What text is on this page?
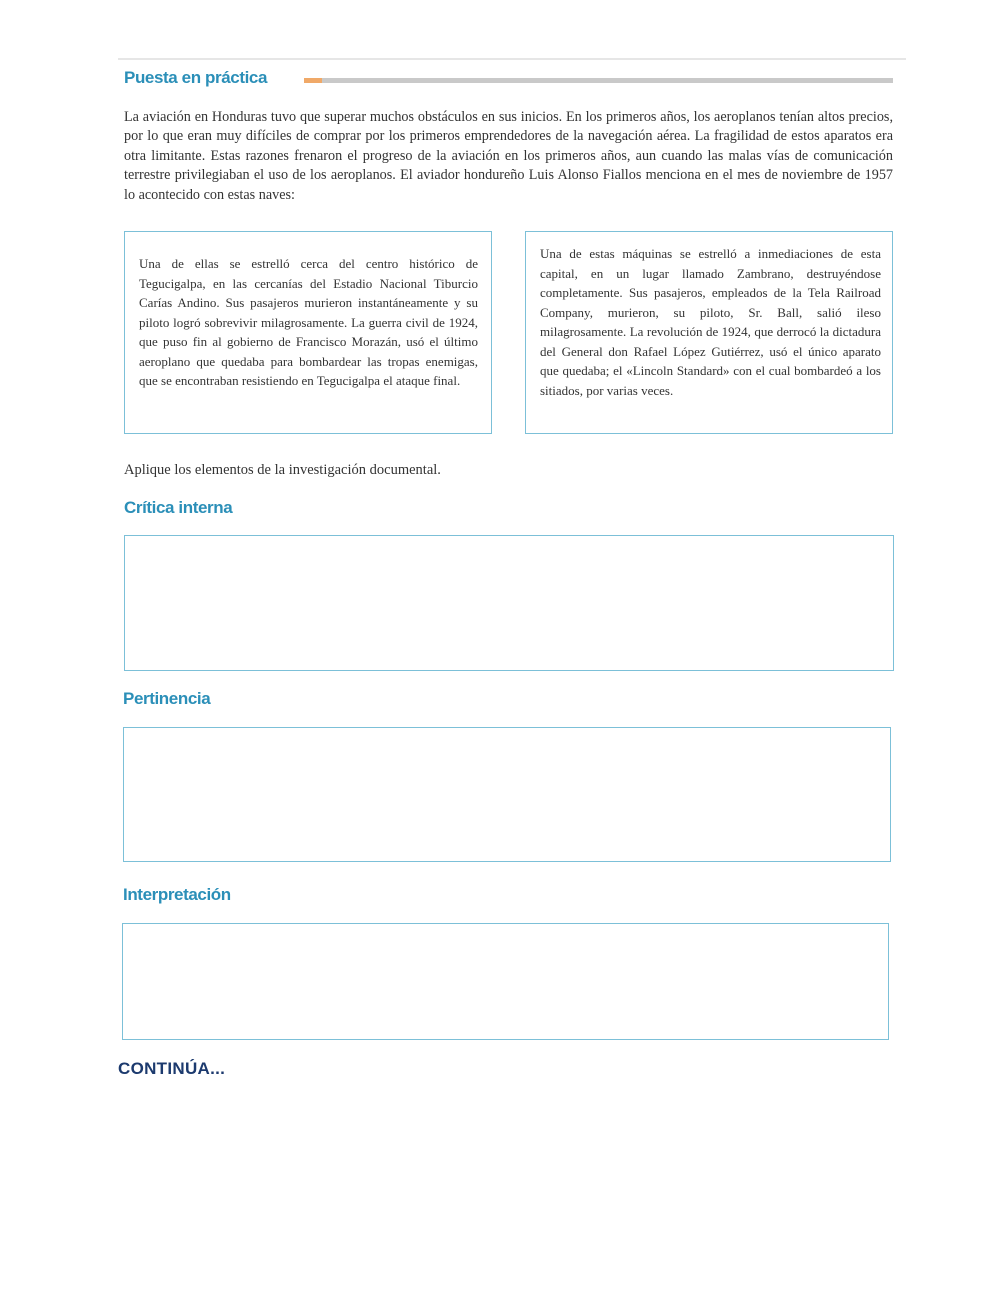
Puesta en práctica

La aviación en Honduras tuvo que superar muchos obstáculos en sus inicios. En los primeros años, los aeroplanos tenían altos precios, por lo que eran muy difíciles de comprar por los primeros emprendedores de la navegación aérea. La fragilidad de estos aparatos era otra limitante. Estas razones frenaron el progreso de la aviación en los primeros años, aun cuando las malas vías de comunicación terrestre privilegiaban el uso de los aeroplanos. El aviador hondureño Luis Alonso Fiallos menciona en el mes de noviembre de 1957 lo acontecido con estas naves:

Una de ellas se estrelló cerca del centro histórico de Tegucigalpa, en las cercanías del Estadio Nacional Tiburcio Carías Andino. Sus pasajeros murieron instantáneamente y su piloto logró sobrevivir milagrosamente. La guerra civil de 1924, que puso fin al gobierno de Francisco Morazán, usó el último aeroplano que quedaba para bombardear las tropas enemigas, que se encontraban resistiendo en Tegucigalpa el ataque final.

Una de estas máquinas se estrelló a inmediaciones de esta capital, en un lugar llamado Zambrano, destruyéndose completamente. Sus pasajeros, empleados de la Tela Railroad Company, murieron, su piloto, Sr. Ball, salió ileso milagrosamente. La revolución de 1924, que derrocó la dictadura del General don Rafael López Gutiérrez, usó el único aparato que quedaba; el «Lincoln Standard» con el cual bombardeó a los sitiados, por varias veces.

Aplique los elementos de la investigación documental.

Crítica interna
Pertinencia
Interpretación

CONTINÚA...
